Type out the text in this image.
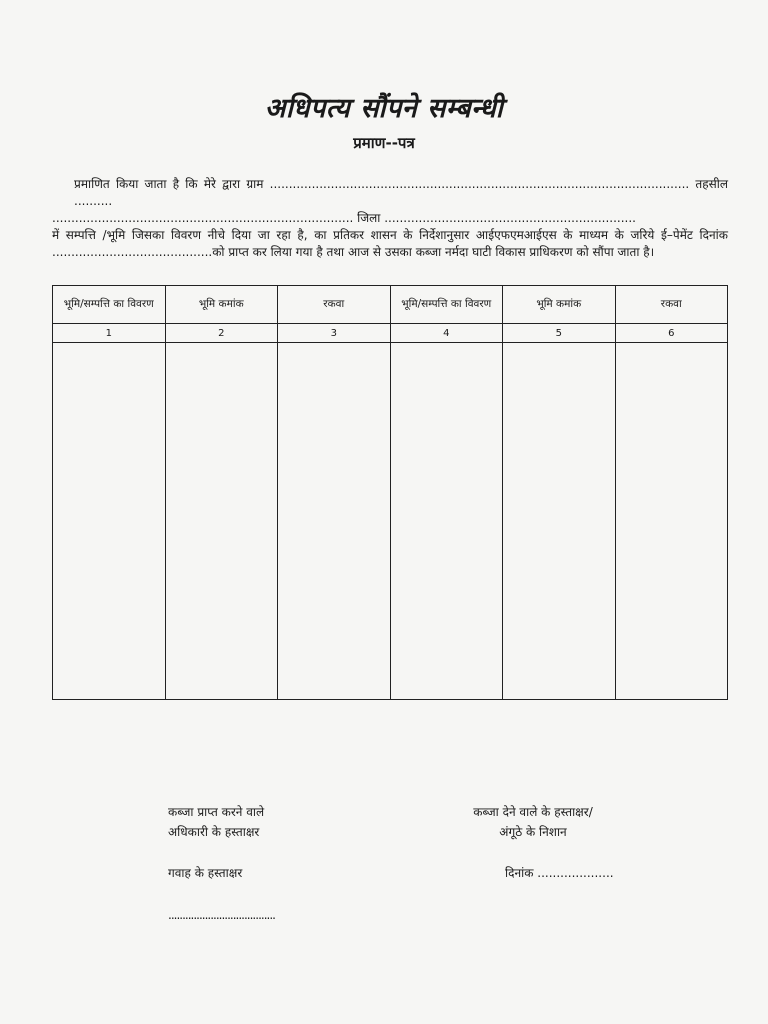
अधिपत्य सौंपने सम्बन्धी
प्रमाण--पत्र

प्रमाणित किया जाता है कि मेरे द्वारा ग्राम .............................................................................................................. तहसील ..........

............................................................................... जिला ..................................................................

में सम्पत्ति /भूमि जिसका विवरण नीचे दिया जा रहा है, का प्रतिकर शासन के निर्देशानुसार आईएफएमआईएस के माध्यम के जरिये ई–पेमेंट दिनांक ..........................................को प्राप्त कर लिया गया है तथा आज से उसका कब्जा नर्मदा घाटी विकास प्राधिकरण को सौंपा जाता है।

भूमि/सम्पत्ति का विवरण
1
भूमि कमांक
2
रकवा
3
भूमि/सम्पत्ति का विवरण
4
भूमि कमांक
5
रकवा
6
कब्जा प्राप्त करने वाले
अधिकारी के हस्ताक्षर
कब्जा देने वाले के हस्ताक्षर/
अंगूठे के निशान
गवाह के हस्ताक्षर	दिनांक ....................
......................................
